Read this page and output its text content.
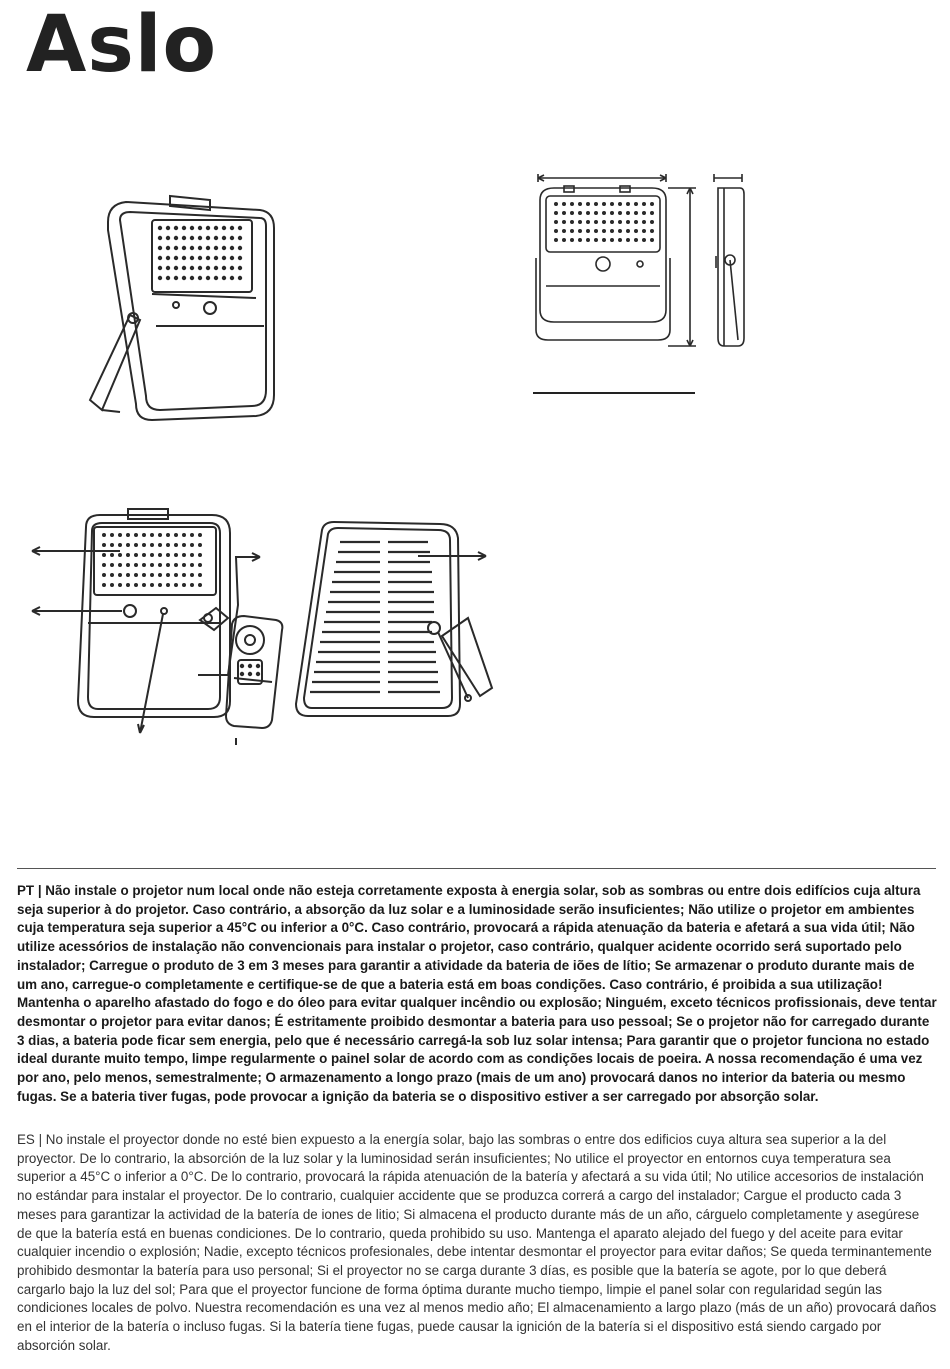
Aslo

PT | Não instale o projetor num local onde não esteja corretamente exposta à energia solar, sob as sombras ou entre dois edifícios cuja altura seja superior à do projetor. Caso contrário, a absorção da luz solar e a luminosidade serão insuficientes; Não utilize o projetor em ambientes cuja temperatura seja superior a 45°C ou inferior a 0°C. Caso contrário, provocará a rápida atenuação da bateria e afetará a sua vida útil; Não utilize acessórios de instalação não convencionais para instalar o projetor, caso contrário, qualquer acidente ocorrido será suportado pelo instalador; Carregue o produto de 3 em 3 meses para garantir a atividade da bateria de iões de lítio; Se armazenar o produto durante mais de um ano, carregue-o completamente e certifique-se de que a bateria está em boas condições. Caso contrário, é proibida a sua utilização! Mantenha o aparelho afastado do fogo e do óleo para evitar qualquer incêndio ou explosão; Ninguém, exceto técnicos profissionais, deve tentar desmontar o projetor para evitar danos; É estritamente proibido desmontar a bateria para uso pessoal; Se o projetor não for carregado durante 3 dias, a bateria pode ficar sem energia, pelo que é necessário carregá-la sob luz solar intensa; Para garantir que o projetor funciona no estado ideal durante muito tempo, limpe regularmente o painel solar de acordo com as condições locais de poeira. A nossa recomendação é uma vez por ano, pelo menos, semestralmente; O armazenamento a longo prazo (mais de um ano) provocará danos no interior da bateria ou mesmo fugas. Se a bateria tiver fugas, pode provocar a ignição da bateria se o dispositivo estiver a ser carregado por absorção solar.

ES | No instale el proyector donde no esté bien expuesto a la energía solar, bajo las sombras o entre dos edificios cuya altura sea superior a la del proyector. De lo contrario, la absorción de la luz solar y la luminosidad serán insuficientes; No utilice el proyector en entornos cuya temperatura sea superior a 45°C o inferior a 0°C. De lo contrario, provocará la rápida atenuación de la batería y afectará a su vida útil; No utilice accesorios de instalación no estándar para instalar el proyector. De lo contrario, cualquier accidente que se produzca correrá a cargo del instalador; Cargue el producto cada 3 meses para garantizar la actividad de la batería de iones de litio; Si almacena el producto durante más de un año, cárguelo completamente y asegúrese de que la batería está en buenas condiciones. De lo contrario, queda prohibido su uso. Mantenga el aparato alejado del fuego y del aceite para evitar cualquier incendio o explosión; Nadie, excepto técnicos profesionales, debe intentar desmontar el proyector para evitar daños; Se queda terminantemente prohibido desmontar la batería para uso personal; Si el proyector no se carga durante 3 días, es posible que la batería se agote, por lo que deberá cargarlo bajo la luz del sol; Para que el proyector funcione de forma óptima durante mucho tiempo, limpie el panel solar con regularidad según las condiciones locales de polvo. Nuestra recomendación es una vez al menos medio año; El almacenamiento a largo plazo (más de un año) provocará daños en el interior de la batería o incluso fugas. Si la batería tiene fugas, puede causar la ignición de la batería si el dispositivo está siendo cargado por absorción solar.
